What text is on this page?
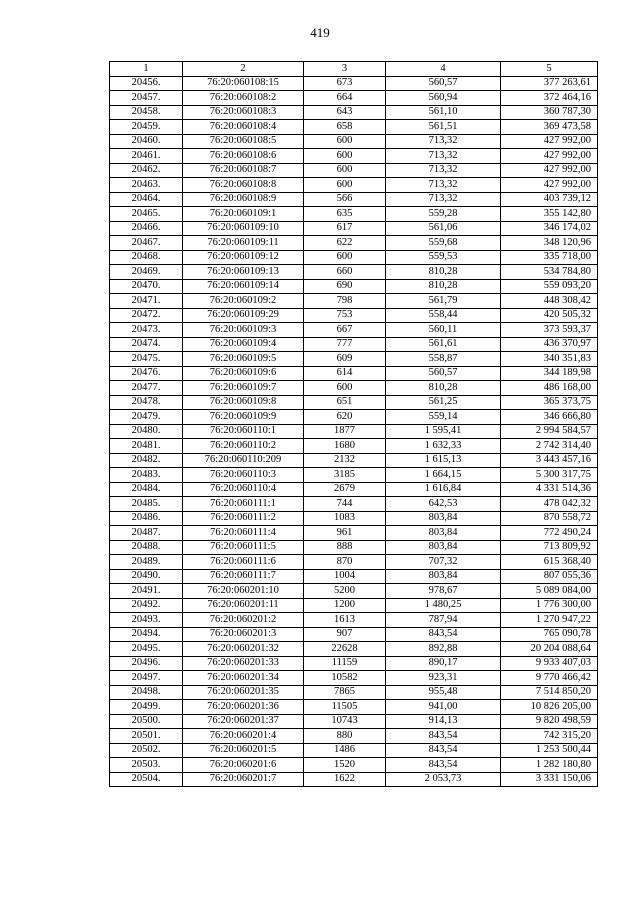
419
1	2	3	4	5
20456.	76:20:060108:15	673	560,57	377 263,61
20457.	76:20:060108:2	664	560,94	372 464,16
20458.	76:20:060108:3	643	561,10	360 787,30
20459.	76:20:060108:4	658	561,51	369 473,58
20460.	76:20:060108:5	600	713,32	427 992,00
20461.	76:20:060108:6	600	713,32	427 992,00
20462.	76:20:060108:7	600	713,32	427 992,00
20463.	76:20:060108:8	600	713,32	427 992,00
20464.	76:20:060108:9	566	713,32	403 739,12
20465.	76:20:060109:1	635	559,28	355 142,80
20466.	76:20:060109:10	617	561,06	346 174,02
20467.	76:20:060109:11	622	559,68	348 120,96
20468.	76:20:060109:12	600	559,53	335 718,00
20469.	76:20:060109:13	660	810,28	534 784,80
20470.	76:20:060109:14	690	810,28	559 093,20
20471.	76:20:060109:2	798	561,79	448 308,42
20472.	76:20:060109:29	753	558,44	420 505,32
20473.	76:20:060109:3	667	560,11	373 593,37
20474.	76:20:060109:4	777	561,61	436 370,97
20475.	76:20:060109:5	609	558,87	340 351,83
20476.	76:20:060109:6	614	560,57	344 189,98
20477.	76:20:060109:7	600	810,28	486 168,00
20478.	76:20:060109:8	651	561,25	365 373,75
20479.	76:20:060109:9	620	559,14	346 666,80
20480.	76:20:060110:1	1877	1 595,41	2 994 584,57
20481.	76:20:060110:2	1680	1 632,33	2 742 314,40
20482.	76:20:060110:209	2132	1 615,13	3 443 457,16
20483.	76:20:060110:3	3185	1 664,15	5 300 317,75
20484.	76:20:060110:4	2679	1 616,84	4 331 514,36
20485.	76:20:060111:1	744	642,53	478 042,32
20486.	76:20:060111:2	1083	803,84	870 558,72
20487.	76:20:060111:4	961	803,84	772 490,24
20488.	76:20:060111:5	888	803,84	713 809,92
20489.	76:20:060111:6	870	707,32	615 368,40
20490.	76:20:060111:7	1004	803,84	807 055,36
20491.	76:20:060201:10	5200	978,67	5 089 084,00
20492.	76:20:060201:11	1200	1 480,25	1 776 300,00
20493.	76:20:060201:2	1613	787,94	1 270 947,22
20494.	76:20:060201:3	907	843,54	765 090,78
20495.	76:20:060201:32	22628	892,88	20 204 088,64
20496.	76:20:060201:33	11159	890,17	9 933 407,03
20497.	76:20:060201:34	10582	923,31	9 770 466,42
20498.	76:20:060201:35	7865	955,48	7 514 850,20
20499.	76:20:060201:36	11505	941,00	10 826 205,00
20500.	76:20:060201:37	10743	914,13	9 820 498,59
20501.	76:20:060201:4	880	843,54	742 315,20
20502.	76:20:060201:5	1486	843,54	1 253 500,44
20503.	76:20:060201:6	1520	843,54	1 282 180,80
20504.	76:20:060201:7	1622	2 053,73	3 331 150,06
